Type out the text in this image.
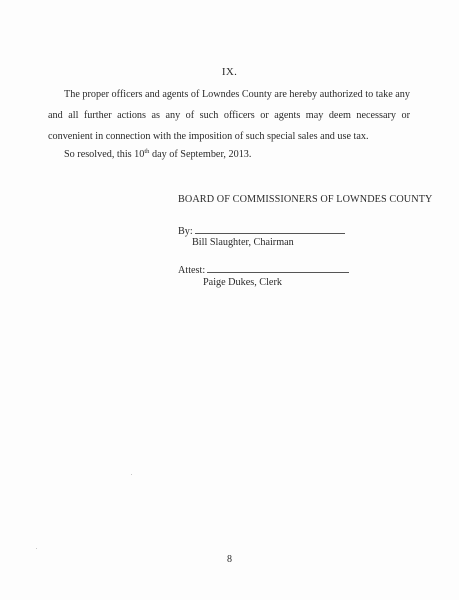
IX.
The proper officers and agents of Lowndes County are hereby authorized to take any and all further actions as any of such officers or agents may deem necessary or convenient in connection with the imposition of such special sales and use tax.
So resolved, this 10th day of September, 2013.
BOARD OF COMMISSIONERS OF LOWNDES COUNTY
By:
Bill Slaughter, Chairman
Attest:
Paige Dukes, Clerk
8
